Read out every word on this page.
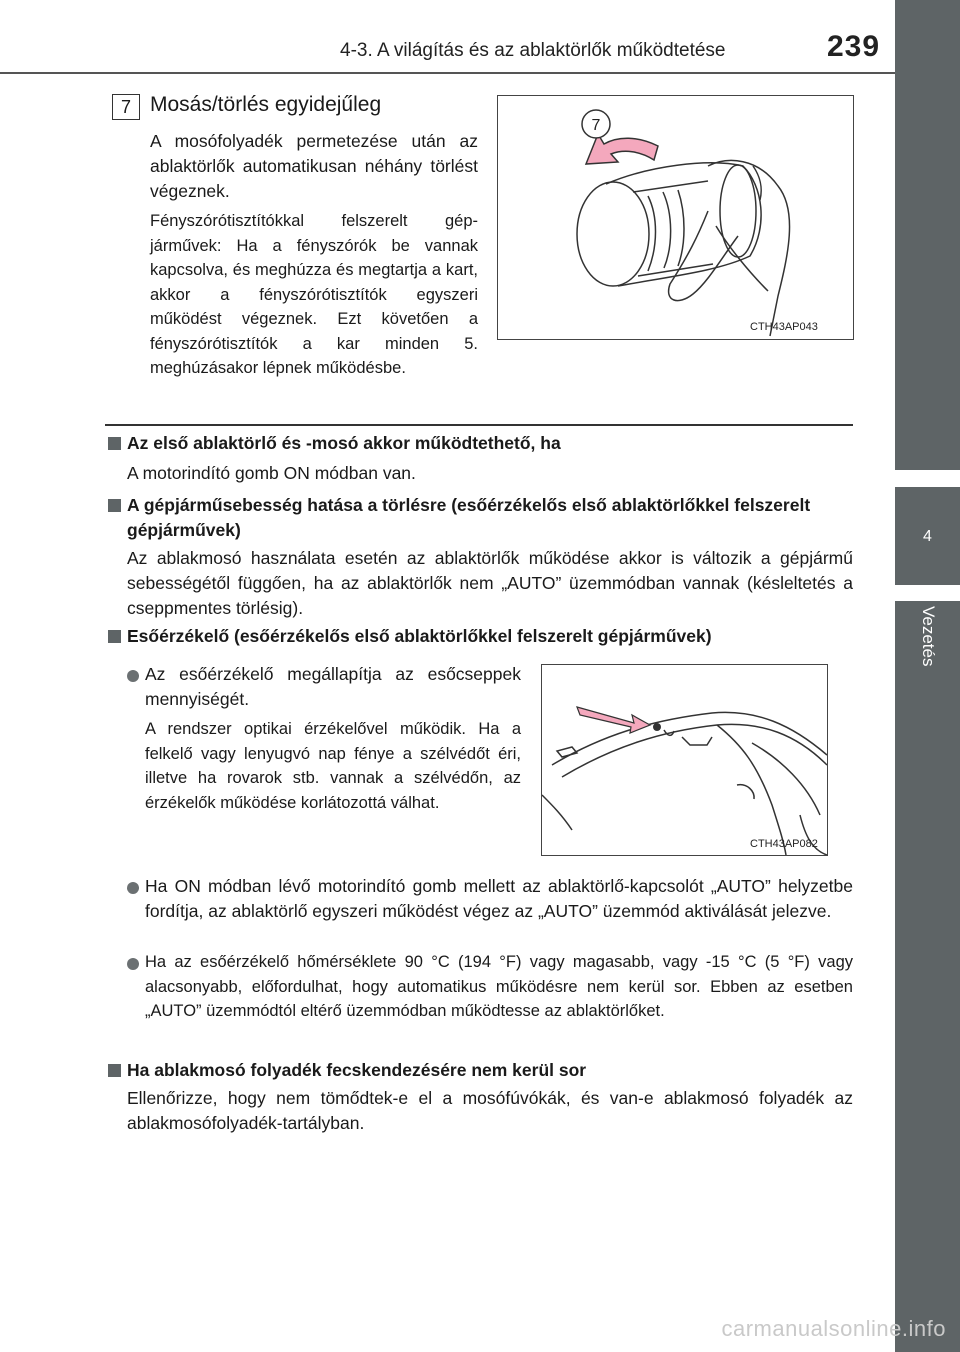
4-3. A világítás és az ablaktörlők működtetése	239
4
Vezetés
7 Mosás/törlés egyidejűleg
A mosófolyadék permetezése után az ablaktörlők automatikusan néhány törlést végeznek.
Fényszórótisztítókkal felszerelt gépjárművek: Ha a fényszórók be vannak kapcsolva, és meghúzza és megtartja a kart, akkor a fényszórótisztítók egyszeri működést végeznek. Ezt követően a fényszórótisztítók a kar minden 5. meghúzásakor lépnek működésbe.
7
CTH43AP043
Az első ablaktörlő és -mosó akkor működtethető, ha
A motorindító gomb ON módban van.
A gépjárműsebesség hatása a törlésre (esőérzékelős első ablaktörlőkkel felszerelt gépjárművek)
Az ablakmosó használata esetén az ablaktörlők működése akkor is változik a gépjármű sebességétől függően, ha az ablaktörlők nem „AUTO” üzemmódban vannak (késleltetés a cseppmentes törlésig).
Esőérzékelő (esőérzékelős első ablaktörlőkkel felszerelt gépjárművek)
Az esőérzékelő megállapítja az esőcseppek mennyiségét.
A rendszer optikai érzékelővel működik. Ha a felkelő vagy lenyugvó nap fénye a szélvédőt éri, illetve ha rovarok stb. vannak a szélvédőn, az érzékelők működése korlátozottá válhat.
CTH43AP082
Ha ON módban lévő motorindító gomb mellett az ablaktörlő-kapcsolót „AUTO” helyzetbe fordítja, az ablaktörlő egyszeri működést végez az „AUTO” üzemmód aktiválását jelezve.
Ha az esőérzékelő hőmérséklete 90 °C (194 °F) vagy magasabb, vagy -15 °C (5 °F) vagy alacsonyabb, előfordulhat, hogy automatikus működésre nem kerül sor. Ebben az esetben „AUTO” üzemmódtól eltérő üzemmódban működtesse az ablaktörlőket.
Ha ablakmosó folyadék fecskendezésére nem kerül sor
Ellenőrizze, hogy nem tömődtek-e el a mosófúvókák, és van-e ablakmosó folyadék az ablakmosófolyadék-tartályban.
carmanualsonline.info
